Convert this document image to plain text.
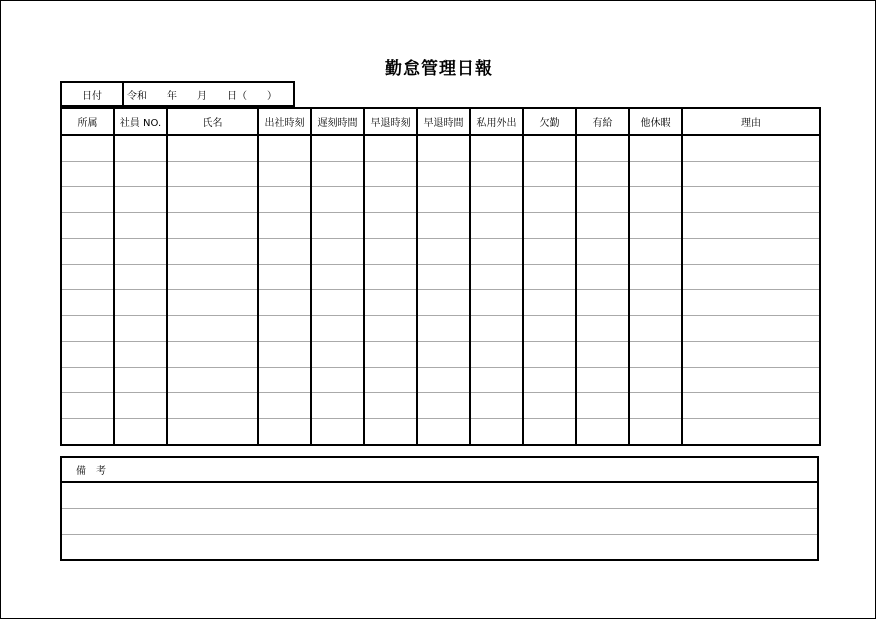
勤怠管理日報
日付	令和　　年　　月　　日（　　）
所属	社員 NO.	氏名	出社時刻	遅刻時間	早退時刻	早退時間	私用外出	欠勤	有給	他休暇	理由

備　考
